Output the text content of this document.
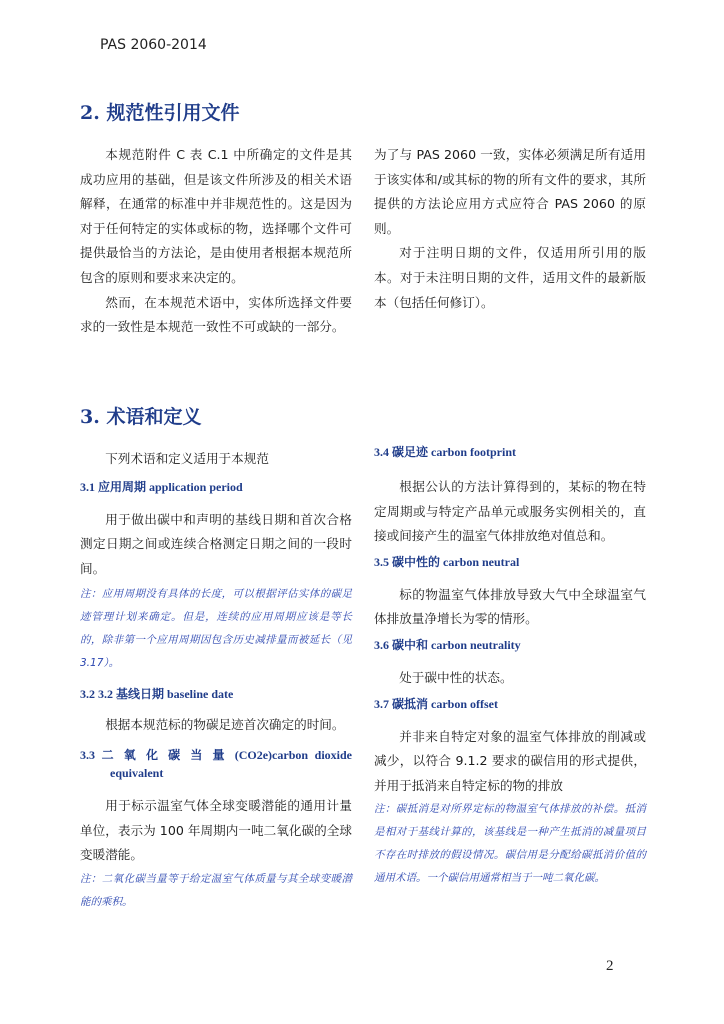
PAS 2060-2014
2. 规范性引用文件

本规范附件 C 表 C.1 中所确定的文件是其成功应用的基础，但是该文件所涉及的相关术语解释，在通常的标准中并非规范性的。这是因为对于任何特定的实体或标的物，选择哪个文件可提供最恰当的方法论，是由使用者根据本规范所包含的原则和要求来决定的。

然而，在本规范术语中，实体所选择文件要求的一致性是本规范一致性不可或缺的一部分。

为了与 PAS 2060 一致，实体必须满足所有适用于该实体和/或其标的物的所有文件的要求，其所提供的方法论应用方式应符合 PAS 2060 的原则。

对于注明日期的文件，仅适用所引用的版本。对于未注明日期的文件，适用文件的最新版本（包括任何修订）。

3. 术语和定义

下列术语和定义适用于本规范

3.1 应用周期 application period

用于做出碳中和声明的基线日期和首次合格测定日期之间或连续合格测定日期之间的一段时间。

注：应用周期没有具体的长度，可以根据评估实体的碳足迹管理计划来确定。但是，连续的应用周期应该是等长的，除非第一个应用周期因包含历史减排量而被延长（见 3.17）。

3.2 3.2 基线日期 baseline date

根据本规范标的物碳足迹首次确定的时间。

3.3 二 氧 化 碳 当 量 (CO2e)carbon dioxide

equivalent

用于标示温室气体全球变暖潜能的通用计量单位，表示为 100 年周期内一吨二氧化碳的全球变暖潜能。

注：二氧化碳当量等于给定温室气体质量与其全球变暖潜能的乘积。

3.4 碳足迹 carbon footprint

根据公认的方法计算得到的，某标的物在特定周期或与特定产品单元或服务实例相关的，直接或间接产生的温室气体排放绝对值总和。

3.5 碳中性的 carbon neutral

标的物温室气体排放导致大气中全球温室气体排放量净增长为零的情形。

3.6 碳中和 carbon neutrality

处于碳中性的状态。

3.7 碳抵消 carbon offset

并非来自特定对象的温室气体排放的削减或减少，以符合 9.1.2 要求的碳信用的形式提供，并用于抵消来自特定标的物的排放

注：碳抵消是对所界定标的物温室气体排放的补偿。抵消是相对于基线计算的，该基线是一种产生抵消的减量项目不存在时排放的假设情况。碳信用是分配给碳抵消价值的通用术语。一个碳信用通常相当于一吨二氧化碳。

2
